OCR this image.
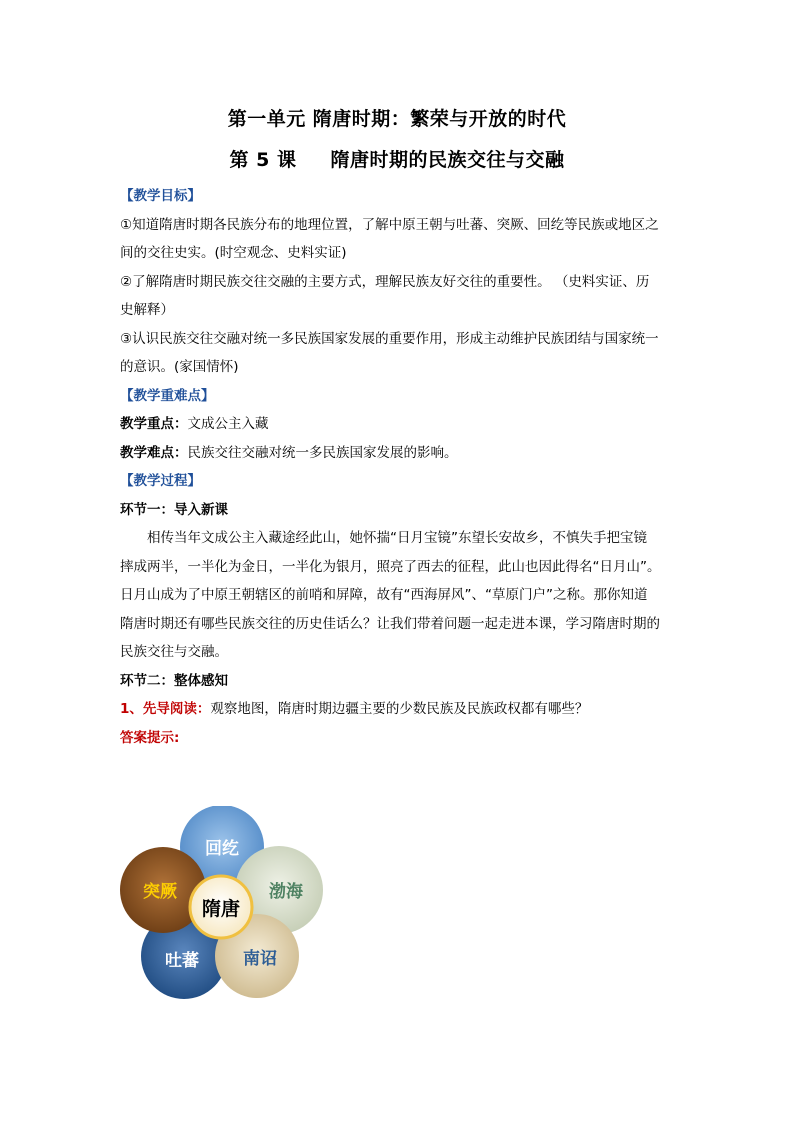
第一单元 隋唐时期：繁荣与开放的时代
第 5 课 隋唐时期的民族交往与交融
【教学目标】
①知道隋唐时期各民族分布的地理位置，了解中原王朝与吐蕃、突厥、回纥等民族或地区之
间的交往史实。(时空观念、史料实证)
②了解隋唐时期民族交往交融的主要方式，理解民族友好交往的重要性。 （史料实证、历
史解释）
③认识民族交往交融对统一多民族国家发展的重要作用，形成主动维护民族团结与国家统一
的意识。(家国情怀)
【教学重难点】
教学重点：文成公主入藏
教学难点：民族交往交融对统一多民族国家发展的影响。
【教学过程】
环节一：导入新课
相传当年文成公主入藏途经此山，她怀揣“日月宝镜”东望长安故乡，不慎失手把宝镜
摔成两半，一半化为金日，一半化为银月，照亮了西去的征程，此山也因此得名“日月山”。
日月山成为了中原王朝辖区的前哨和屏障，故有“西海屏风”、“草原门户”之称。那你知道
隋唐时期还有哪些民族交往的历史佳话么？让我们带着问题一起走进本课，学习隋唐时期的
民族交往与交融。
环节二：整体感知
1、先导阅读：观察地图，隋唐时期边疆主要的少数民族及民族政权都有哪些？
答案提示:
回纥
渤海
吐蕃	南诏
突厥
隋唐
